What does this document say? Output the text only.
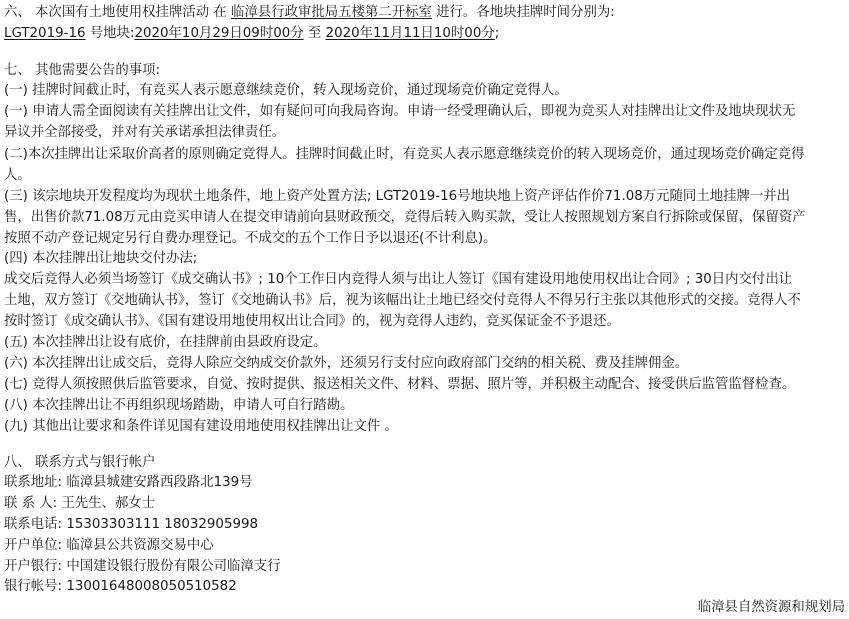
六、 本次国有土地使用权挂牌活动 在 临漳县行政审批局五楼第二开标室 进行。各地块挂牌时间分别为:
LGT2019-16 号地块:2020年10月29日09时00分 至 2020年11月11日10时00分;
七、 其他需要公告的事项:
(一) 挂牌时间截止时，有竞买人表示愿意继续竞价，转入现场竞价，通过现场竞价确定竞得人。
(一) 申请人需全面阅读有关挂牌出让文件，如有疑问可向我局咨询。申请一经受理确认后，即视为竞买人对挂牌出让文件及地块现状无
异议并全部接受，并对有关承诺承担法律责任。
(二)本次挂牌出让采取价高者的原则确定竞得人。挂牌时间截止时，有竞买人表示愿意继续竞价的转入现场竞价，通过现场竞价确定竞得
人。
(三) 该宗地块开发程度均为现状土地条件，地上资产处置方法; LGT2019-16号地块地上资产评估作价71.08万元随同土地挂牌一并出
售，出售价款71.08万元由竞买申请人在提交申请前向县财政预交，竞得后转入购买款，受让人按照规划方案自行拆除或保留，保留资产
按照不动产登记规定另行自费办理登记。不成交的五个工作日予以退还(不计利息)。
(四) 本次挂牌出让地块交付办法;
成交后竞得人必须当场签订《成交确认书》; 10个工作日内竞得人须与出让人签订《国有建设用地使用权出让合同》; 30日内交付出让
土地，双方签订《交地确认书》，签订《交地确认书》后，视为该幅出让土地已经交付竞得人不得另行主张以其他形式的交接。竞得人不
按时签订《成交确认书》、《国有建设用地使用权出让合同》的，视为竞得人违约，竞买保证金不予退还。
(五) 本次挂牌出让设有底价，在挂牌前由县政府设定。
(六) 本次挂牌出让成交后，竞得人除应交纳成交价款外，还须另行支付应向政府部门交纳的相关税、费及挂牌佣金。
(七) 竞得人须按照供后监管要求，自觉、按时提供、报送相关文件、材料、票据、照片等，并积极主动配合、接受供后监管监督检查。
(八) 本次挂牌出让不再组织现场踏勘，申请人可自行踏勘。
(九) 其他出让要求和条件详见国有建设用地使用权挂牌出让文件 。
八、 联系方式与银行帐户
联系地址: 临漳县城建安路西段路北139号
联 系 人: 王先生、郝女士
联系电话: 15303303111 18032905998
开户单位: 临漳县公共资源交易中心
开户银行: 中国建设银行股份有限公司临漳支行
银行帐号: 13001648008050510582
临漳县自然资源和规划局
